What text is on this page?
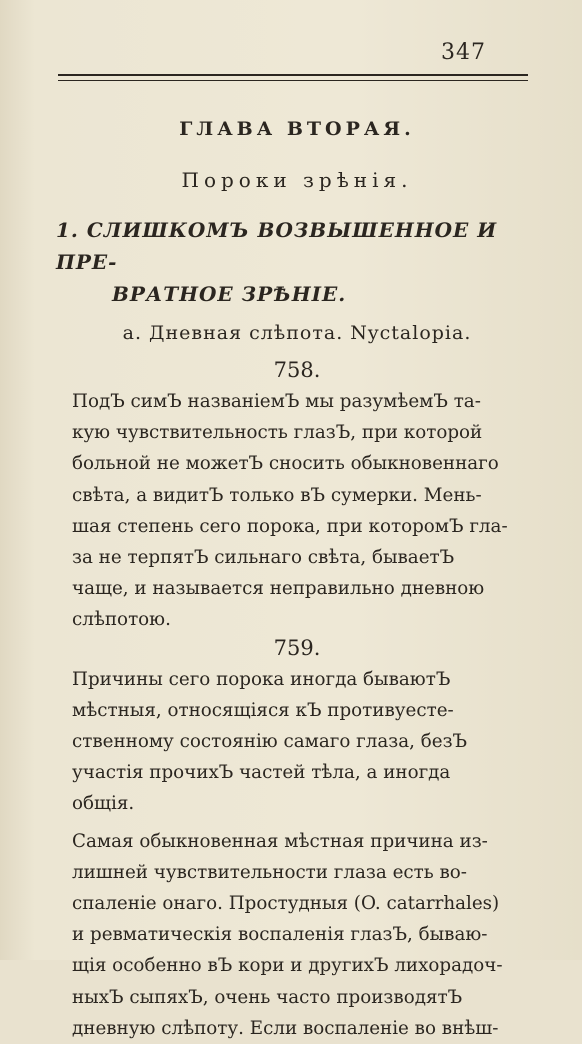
347
ГЛАВА ВТОРАЯ.
Пороки зрѣнія.
1. СЛИШКОМЪ ВОЗВЫШЕННОЕ И ПРЕ-
ВРАТНОЕ ЗРѢНІЕ.
а. Дневная слѣпота. Nyctalopia.
758.

ПодЪ симЪ названіемЪ мы разумѣемЪ та-
кую чувствительность глазЪ, при которой
больной не можетЪ сносить обыкновеннаго
свѣта, а видитЪ только вЪ сумерки. Мень-
шая степень сего порока, при которомЪ гла-
за не терпятЪ сильнаго свѣта, бываетЪ
чаще, и называется неправильно дневною
слѣпотою.

759.

Причины сего порока иногда бываютЪ
мѣстныя, относящіяся кЪ противуесте-
ственному состоянію самаго глаза, безЪ
участія прочихЪ частей тѣла, а иногда
общія.

Самая обыкновенная мѣстная причина из-
лишней чувствительности глаза есть во-
спаленіе онаго. Простудныя (O. catarrhales)
и ревматическія воспаленія глазЪ, бываю-
щія особенно вЪ кори и другихЪ лихорадоч-
ныхЪ сыпяхЪ, очень часто производятЪ
дневную слѣпоту. Если воспаленіе во внѣш-
